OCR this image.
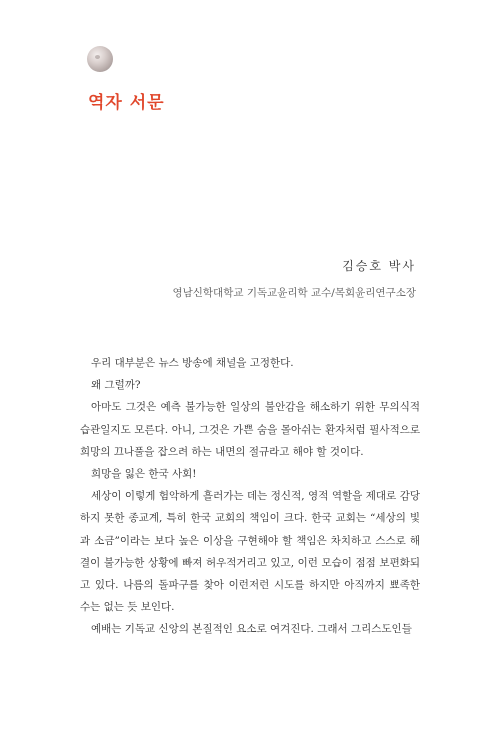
역자 서문

김승호 박사

영남신학대학교 기독교윤리학 교수/목회윤리연구소장

우리 대부분은 뉴스 방송에 채널을 고정한다.

왜 그럴까?

아마도 그것은 예측 불가능한 일상의 불안감을 해소하기 위한 무의식적 습관일지도 모른다. 아니, 그것은 가쁜 숨을 몰아쉬는 환자처럼 필사적으로 희망의 끄나풀을 잡으려 하는 내면의 절규라고 해야 할 것이다.

희망을 잃은 한국 사회!

세상이 이렇게 험악하게 흘러가는 데는 정신적, 영적 역할을 제대로 감당하지 못한 종교계, 특히 한국 교회의 책임이 크다. 한국 교회는 “세상의 빛과 소금”이라는 보다 높은 이상을 구현해야 할 책임은 차치하고 스스로 해결이 불가능한 상황에 빠져 허우적거리고 있고, 이런 모습이 점점 보편화되고 있다. 나름의 돌파구를 찾아 이런저런 시도를 하지만 아직까지 뾰족한 수는 없는 듯 보인다.

예배는 기독교 신앙의 본질적인 요소로 여겨진다. 그래서 그리스도인들
